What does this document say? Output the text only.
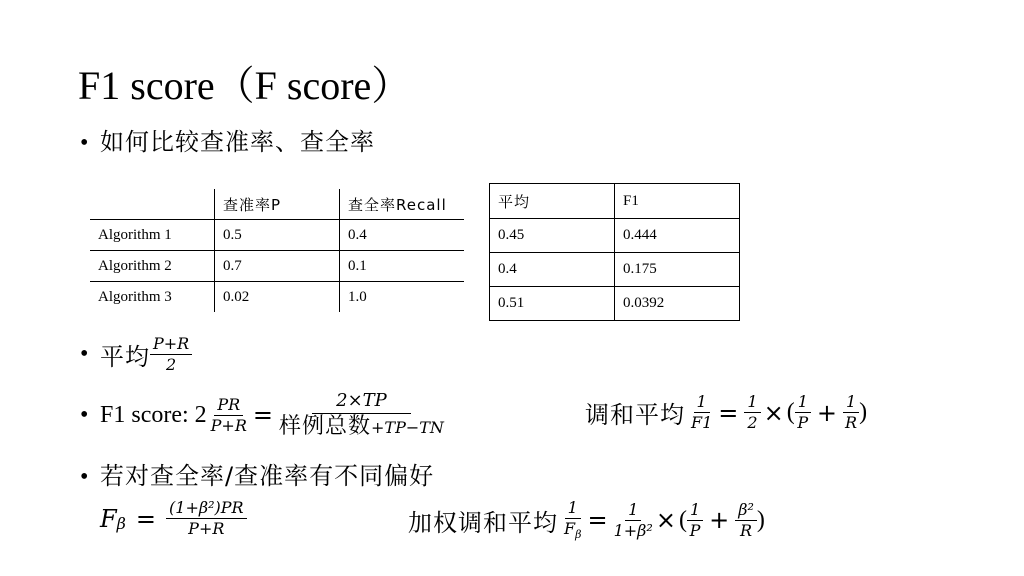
F1 score（F score）
• 如何比较查准率、查全率
	查准率P	查全率Recall
Algorithm 1	0.5	0.4
Algorithm 2	0.7	0.1
Algorithm 3	0.02	1.0
平均	F1
0.45	0.444
0.4	0.175
0.51	0.0392
• 平均 $\frac{P+R}{2}$
• F1 score: $2 \frac{PR}{P+R} = \frac{2\times TP}{\text{样例总数+TP−TN}}$	调和平均 $\frac{1}{F1} = \frac{1}{2}$ × ( $\frac{1}{P} + \frac{1}{R}$ )
• 若对查全率/查准率有不同偏好
F $\beta = \frac{\text{(1+β²)PR}}{P+R}$	加权调和平均 $\frac{1}{F_\beta} = \frac{1}{\text{1+β²}}$ × ( $\frac{1}{P} + \frac{\text{β²}}{R}$ )
